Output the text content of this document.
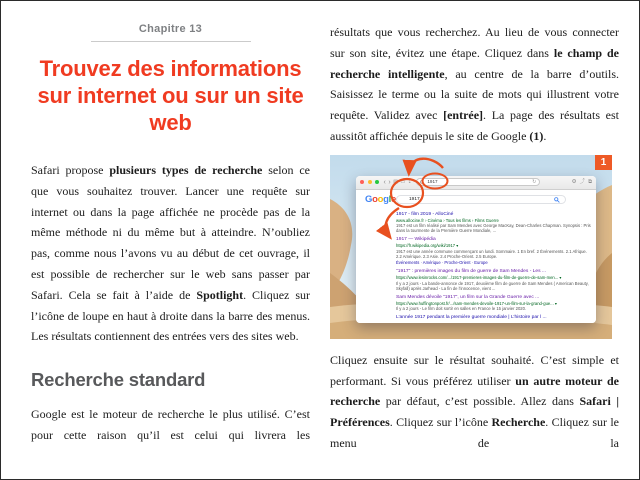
Chapitre 13
Trouvez des informations
sur internet ou sur un site
web

Safari propose plusieurs types de recherche selon ce que vous souhaitez trouver. Lancer une requête sur internet ou dans la page affichée ne procède pas de la même méthode ni du même but à atteindre. N’oubliez pas, comme nous l’avons vu au début de cet ouvrage, il est possible de rechercher sur le web sans passer par Safari. Cela se fait à l’aide de Spotlight. Cliquez sur l’icône de loupe en haut à droite dans la barre des menus. Les résultats contiennent des entrées vers des sites web.

Recherche standard

Google est le moteur de recherche le plus utilisé. C’est pour cette raison qu’il est celui qui livrera les

résultats que vous recherchez. Au lieu de vous connecter sur son site, évitez une étape. Cliquez dans le champ de recherche intelligente, au centre de la barre d’outils. Saisissez le terme ou la suite de mots qui illustrent votre requête. Validez avec [entrée]. La page des résultats est aussitôt affichée depuis le site de Google (1).

‹ › ▤ ▭ ⇣	1917	↻	⚙ ⤴ ⧉
Google	1917
1917 - film 2019 - AlloCiné
www.allocine.fr › Cinéma › Tous les films › Films Guerre
1917 est un film réalisé par Sam Mendes avec George MacKay, Dean-Charles Chapman. Synopsis : Pris dans la tourmente de la Première Guerre Mondiale, ...
1917 — Wikipédia
https://fr.wikipedia.org/wiki/1917 ▾
1917 est une année commune commençant un lundi. Sommaire. 1 En bref. 2 Événements. 2.1 Afrique. 2.2 Amérique. 2.3 Asie. 2.4 Proche-Orient. 2.5 Europe.
Événements · Amérique · Proche-Orient · Europe
"1917" : premières images du film de guerre de Sam Mendes - Les ...
https://www.lesinrocks.com/.../1917-premieres-images-du-film-de-guerre-de-sam-men... ▾
Il y a 2 jours - La bande-annonce de 1917, deuxième film de guerre de Sam Mendes ( American Beauty, Skyfall) après Jarhead - La fin de l’innocence, vient ...
Sam Mendes dévoile "1917", un film sur la Grande Guerre avec ...
https://www.huffingtonpost.fr/.../sam-mendes-devoile-1917-un-film-sur-la-grand-gue... ▾
Il y a 2 jours - Le film doit sortir en salles en France le 15 janvier 2020.
L’année 1917 pendant la première guerre mondiale | L’histoire par l ...
1

Cliquez ensuite sur le résultat souhaité. C’est simple et performant. Si vous préférez utiliser un autre moteur de recherche par défaut, c’est possible. Allez dans Safari | Préférences. Cliquez sur l’icône Recherche. Cliquez sur le menu de la
